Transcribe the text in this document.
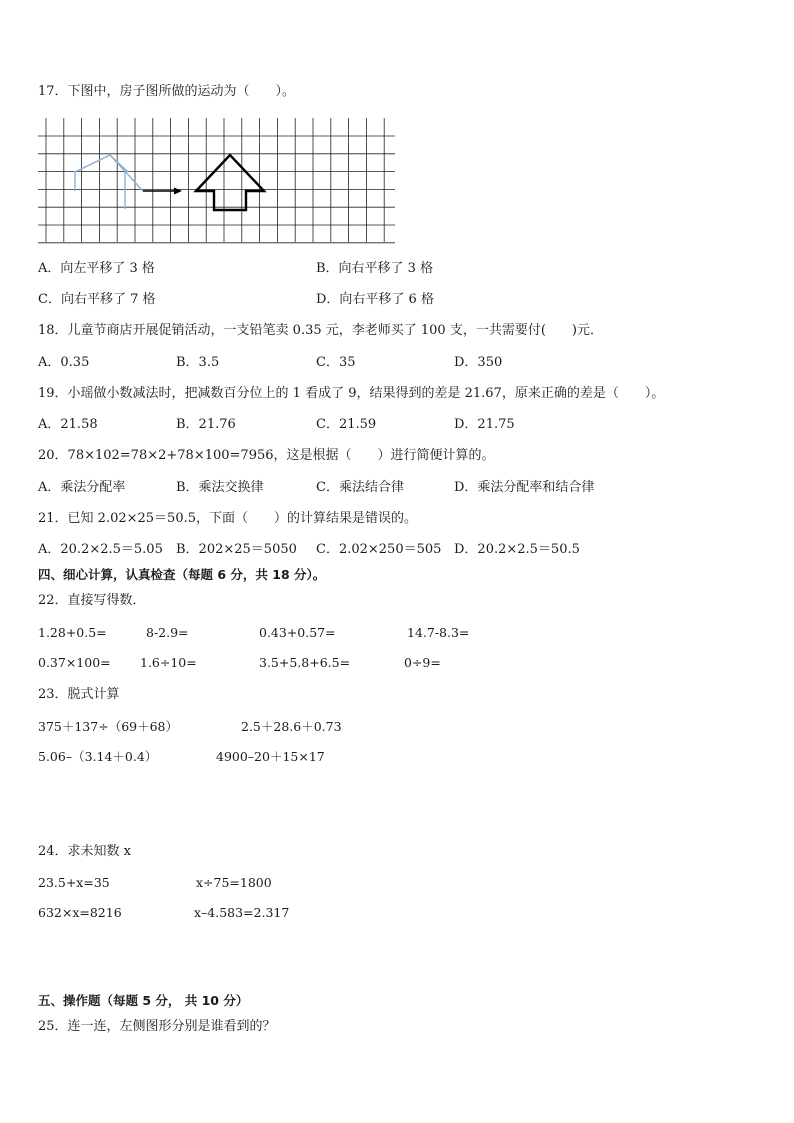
17．下图中，房子图所做的运动为（　　）。
A．向左平移了 3 格	B．向右平移了 3 格
C．向右平移了 7 格	D．向右平移了 6 格
18．儿童节商店开展促销活动，一支铅笔卖 0.35 元，李老师买了 100 支，一共需要付(　　)元．
A．0.35	B．3.5	C．35	D．350
19．小瑶做小数减法时，把减数百分位上的 1 看成了 9，结果得到的差是 21.67，原来正确的差是（　　）。
A．21.58	B．21.76	C．21.59	D．21.75
20．78×102=78×2+78×100=7956，这是根据（　　）进行简便计算的。
A．乘法分配率	B．乘法交换律	C．乘法结合律	D．乘法分配率和结合律
21．已知 2.02×25＝50.5，下面（　　）的计算结果是错误的。
A．20.2×2.5＝5.05 B．202×25＝5050 C．2.02×250＝505 D．20.2×2.5＝50.5
四、细心计算，认真检查（每题 6 分，共 18 分）。
22．直接写得数．
1.28+0.5=	8-2.9=	0.43+0.57=	14.7-8.3=
0.37×100= 1.6÷10=	3.5+5.8+6.5=	0÷9=
23．脱式计算
375＋137÷（69＋68）	2.5＋28.6＋0.73
5.06–（3.14＋0.4）	4900–20＋15×17
24．求未知数 x
23.5+x=35	x÷75=1800
632×x=8216	x–4.583=2.317
五、操作题（每题 5 分， 共 10 分）
25．连一连，左侧图形分别是谁看到的？
